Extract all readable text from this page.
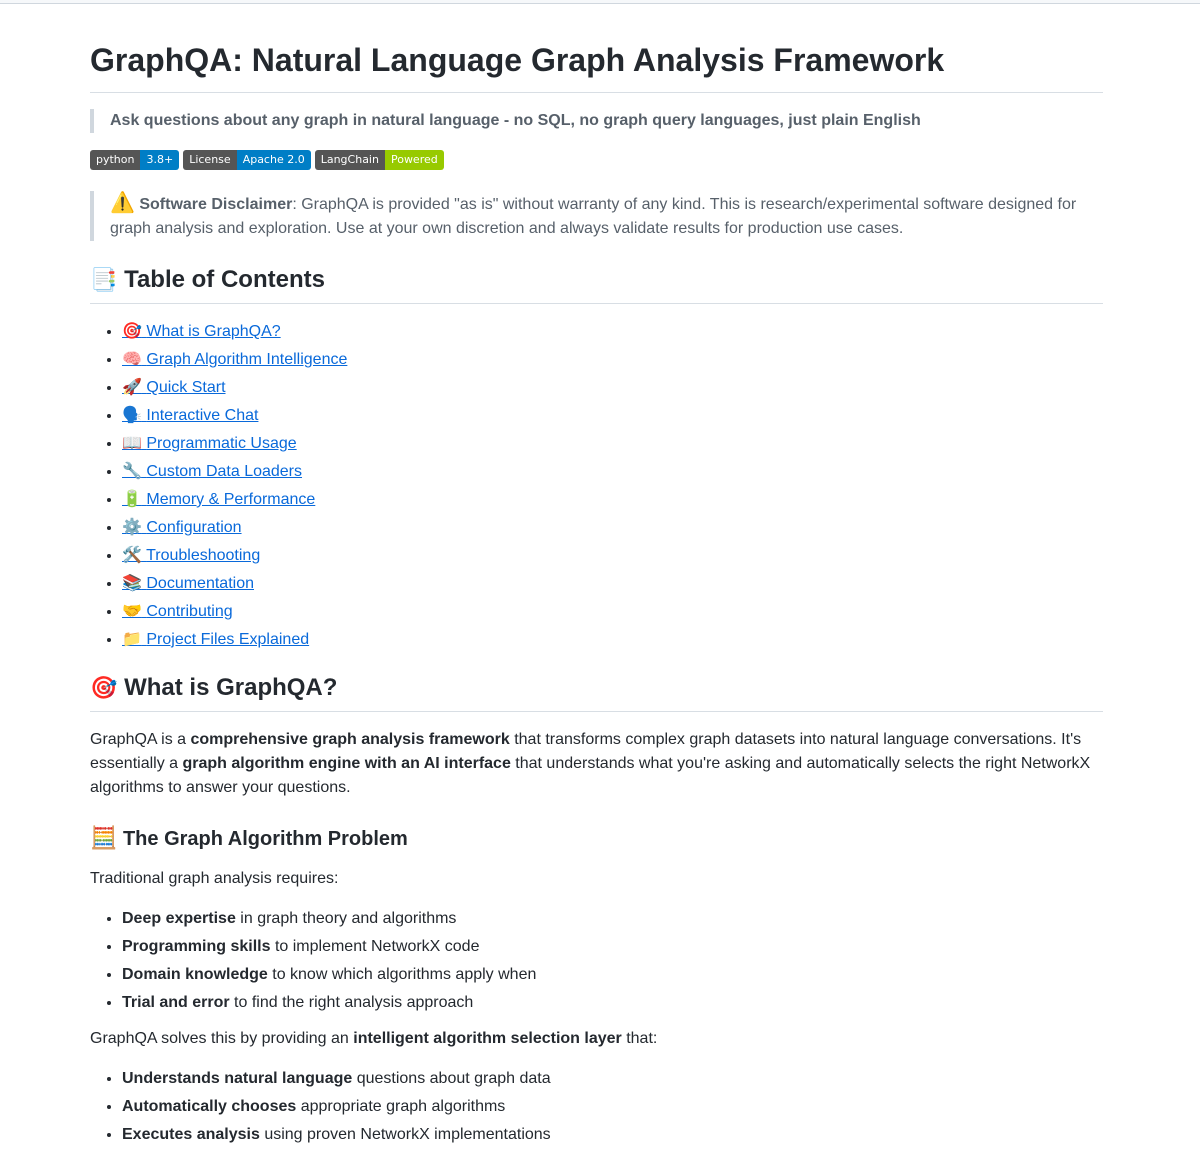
GraphQA: Natural Language Graph Analysis Framework
Ask questions about any graph in natural language - no SQL, no graph query languages, just plain English
python	3.8+	License	Apache 2.0	LangChain	Powered
⚠️ Software Disclaimer: GraphQA is provided "as is" without warranty of any kind. This is research/experimental software designed for graph analysis and exploration. Use at your own discretion and always validate results for production use cases.
📑 Table of Contents
• 🎯 What is GraphQA?
• 🧠 Graph Algorithm Intelligence
• 🚀 Quick Start
• 🗣️ Interactive Chat
• 📖 Programmatic Usage
• 🔧 Custom Data Loaders
• 🔋 Memory & Performance
• ⚙️ Configuration
• 🛠️ Troubleshooting
• 📚 Documentation
• 🤝 Contributing
• 📁 Project Files Explained
🎯 What is GraphQA?

GraphQA is a comprehensive graph analysis framework that transforms complex graph datasets into natural language conversations. It's essentially a graph algorithm engine with an AI interface that understands what you're asking and automatically selects the right NetworkX algorithms to answer your questions.

🧮 The Graph Algorithm Problem

Traditional graph analysis requires:

• Deep expertise in graph theory and algorithms
• Programming skills to implement NetworkX code
• Domain knowledge to know which algorithms apply when
• Trial and error to find the right analysis approach

GraphQA solves this by providing an intelligent algorithm selection layer that:

• Understands natural language questions about graph data
• Automatically chooses appropriate graph algorithms
• Executes analysis using proven NetworkX implementations
